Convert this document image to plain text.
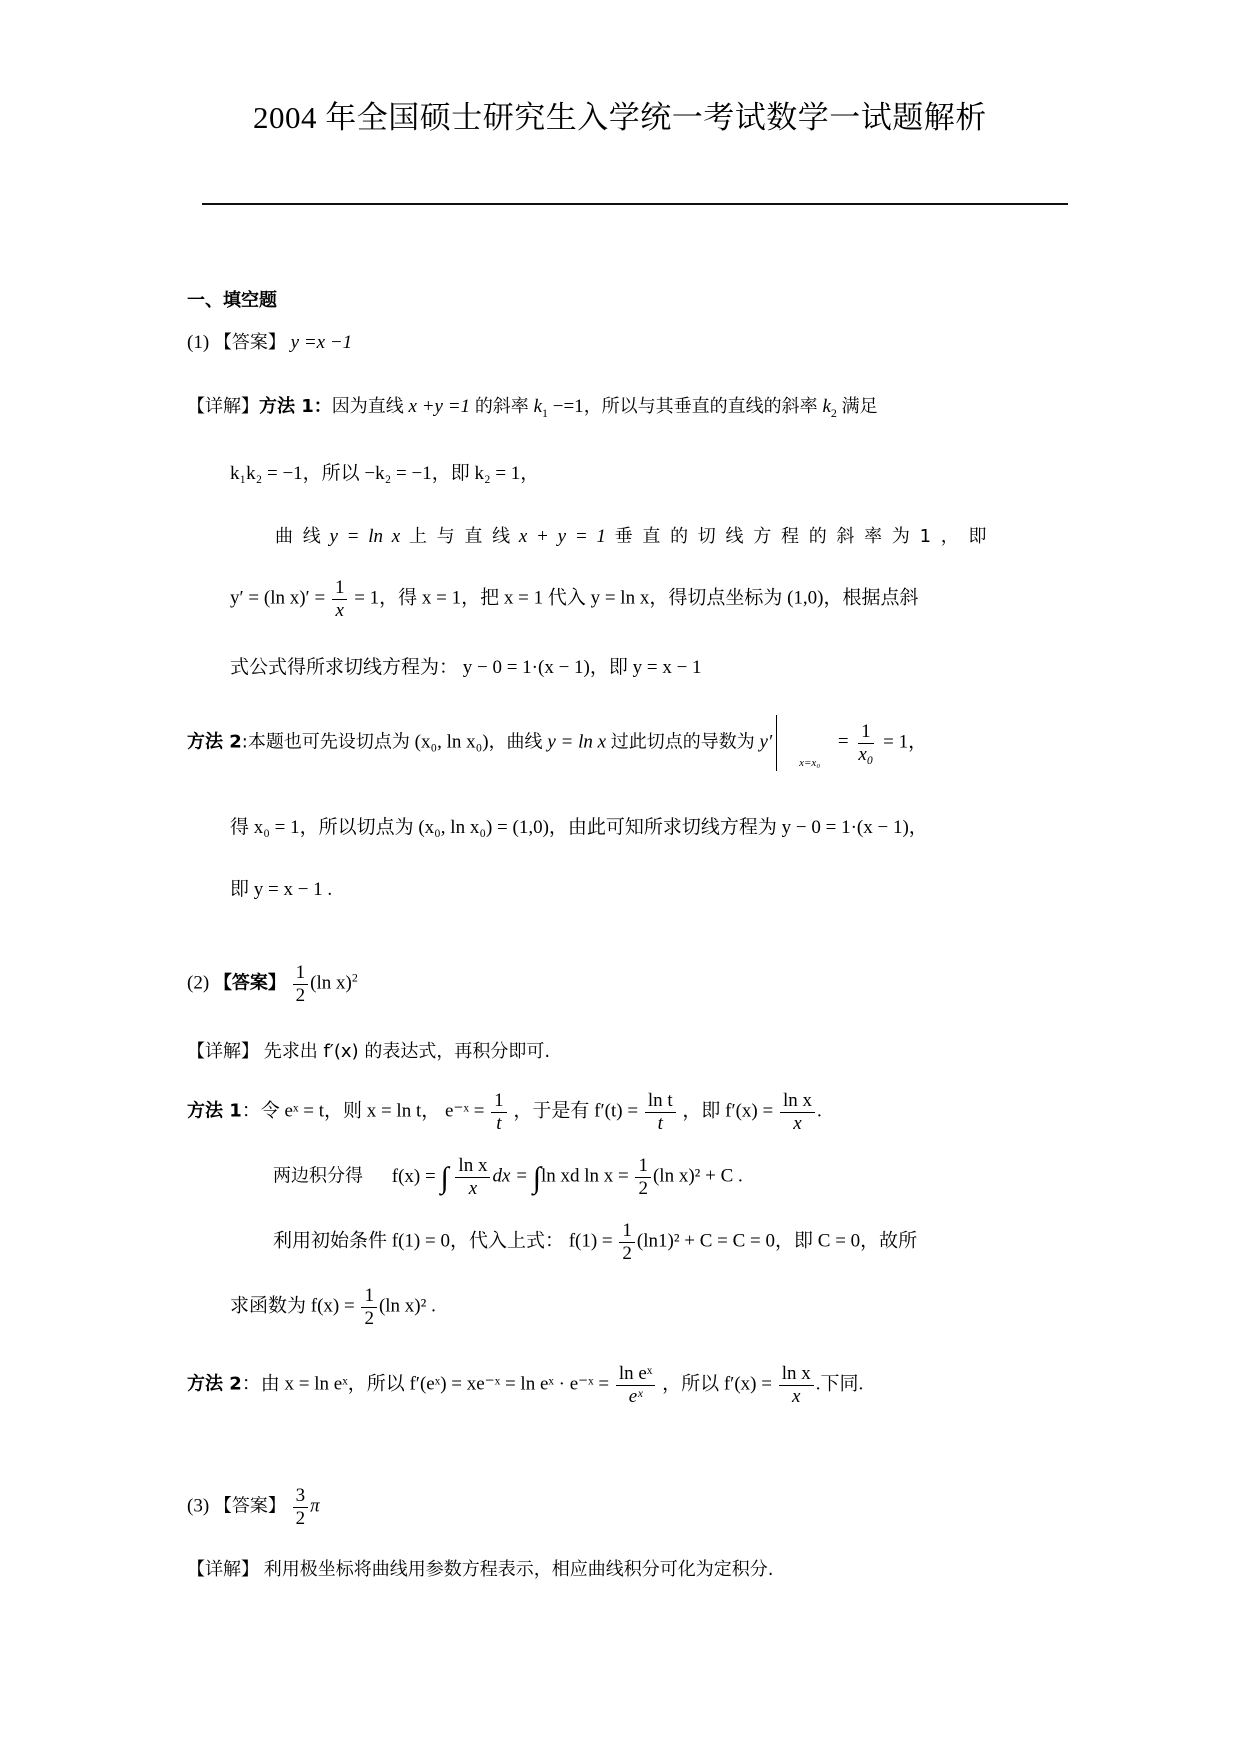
2004 年全国硕士研究生入学统一考试数学一试题解析
一、填空题
(1) 【答案】 y =x −1
【详解】方法 1：因为直线 x +y =1 的斜率 $k_1 -=1$，所以与其垂直的直线的斜率 $k_2$ 满足
k₁k₂ = −1，所以 −k₂ = −1，即 k₂ = 1，
曲 线 y = ln x 上 与 直 线 x + y = 1 垂 直 的 切 线 方 程 的 斜 率 为 1 ， 即
y′ = (ln $x)' = \frac{1}{x} = 1$，得 x = 1，把 x = 1 代入 y = ln x，得切点坐标为 (1,0)，根据点斜
式公式得所求切线方程为： y − 0 = 1·(x − 1)，即 y = x − 1
方法 2:本题也可先设切点为 (x₀, ln x₀)，曲线 y = ln x 过此切点的导数为 y′
x=x₀
= $\frac{1}{\text{x₀}} = 1$，
得 x₀ = 1，所以切点为 (x₀, ln x₀) = (1,0)，由此可知所求切线方程为 y − 0 = 1·(x − 1)，
即 y = x − 1 .
(2) 【答案】 $\frac{1}{2} (\ln$ x)$^2$
【详解】 先求出 f′(x) 的表达式，再积分即可.
方法 1：令 eˣ = t，则 x = ln t， e⁻ˣ = $\frac{1}{t}$ ，于是有 $f'(t) = \frac{\text{ln t}}{t}$ ，即 $f'(x) = \frac{\text{ln x}}{x}$ .
两边积分得 f(x) = ∫ $\frac{\text{ln x}}{x}$ dx = ∫ln xd $\ln x = \frac{1}{2} (\ln$ x)² + C .
利用初始条件 f(1) = 0，代入上式： $f(1) = \frac{1}{2} (\ln 1)^2 + C = C = 0$，即 C = 0，故所
求函数为 $f(x) = \frac{1}{2} (\ln$ x)² .
方法 2：由 x = ln eˣ，所以 f′(eˣ) = xe⁻ˣ = ln eˣ · e⁻ˣ = $\frac{\text{ln eˣ}}{\text{eˣ}}$ ，所以 $f'(x) = \frac{\text{ln x}}{x}$ .下同.
(3) 【答案】 $\frac{3}{2}$ π
【详解】 利用极坐标将曲线用参数方程表示，相应曲线积分可化为定积分.
